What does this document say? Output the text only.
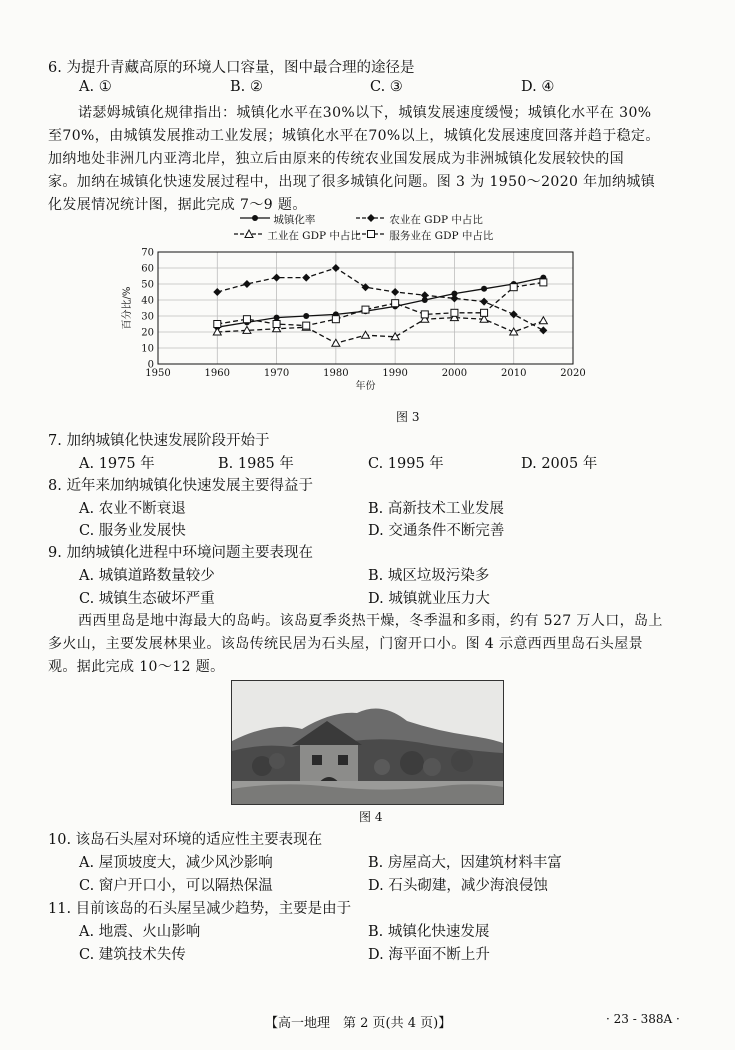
6. 为提升青藏高原的环境人口容量，图中最合理的途径是
A. ①	B. ②	C. ③	D. ④
诺瑟姆城镇化规律指出：城镇化水平在30%以下，城镇发展速度缓慢；城镇化水平在 30%
至70%，由城镇发展推动工业发展；城镇化水平在70%以上，城镇化发展速度回落并趋于稳定。
加纳地处非洲几内亚湾北岸，独立后由原来的传统农业国发展成为非洲城镇化发展较快的国
家。加纳在城镇化快速发展过程中，出现了很多城镇化问题。图 3 为 1950～2020 年加纳城镇
化发展情况统计图，据此完成 7～9 题。
城镇化率	农业在 GDP 中占比
工业在 GDP 中占比	服务业在 GDP 中占比
0
10
20
30
40
50
60
70
1950	1960	1970	1980	1990	2000	2010	2020
年份
百分比/%
图 3
7. 加纳城镇化快速发展阶段开始于
A. 1975 年	B. 1985 年	C. 1995 年	D. 2005 年
8. 近年来加纳城镇化快速发展主要得益于
A. 农业不断衰退	B. 高新技术工业发展
C. 服务业发展快	D. 交通条件不断完善
9. 加纳城镇化进程中环境问题主要表现在
A. 城镇道路数量较少	B. 城区垃圾污染多
C. 城镇生态破坏严重	D. 城镇就业压力大
西西里岛是地中海最大的岛屿。该岛夏季炎热干燥，冬季温和多雨，约有 527 万人口，岛上
多火山，主要发展林果业。该岛传统民居为石头屋，门窗开口小。图 4 示意西西里岛石头屋景
观。据此完成 10～12 题。
图 4
10. 该岛石头屋对环境的适应性主要表现在
A. 屋顶坡度大，减少风沙影响	B. 房屋高大，因建筑材料丰富
C. 窗户开口小，可以隔热保温	D. 石头砌建，减少海浪侵蚀
11. 目前该岛的石头屋呈减少趋势，主要是由于
A. 地震、火山影响	B. 城镇化快速发展
C. 建筑技术失传	D. 海平面不断上升
【高一地理　第 2 页(共 4 页)】	· 23 - 388A ·
